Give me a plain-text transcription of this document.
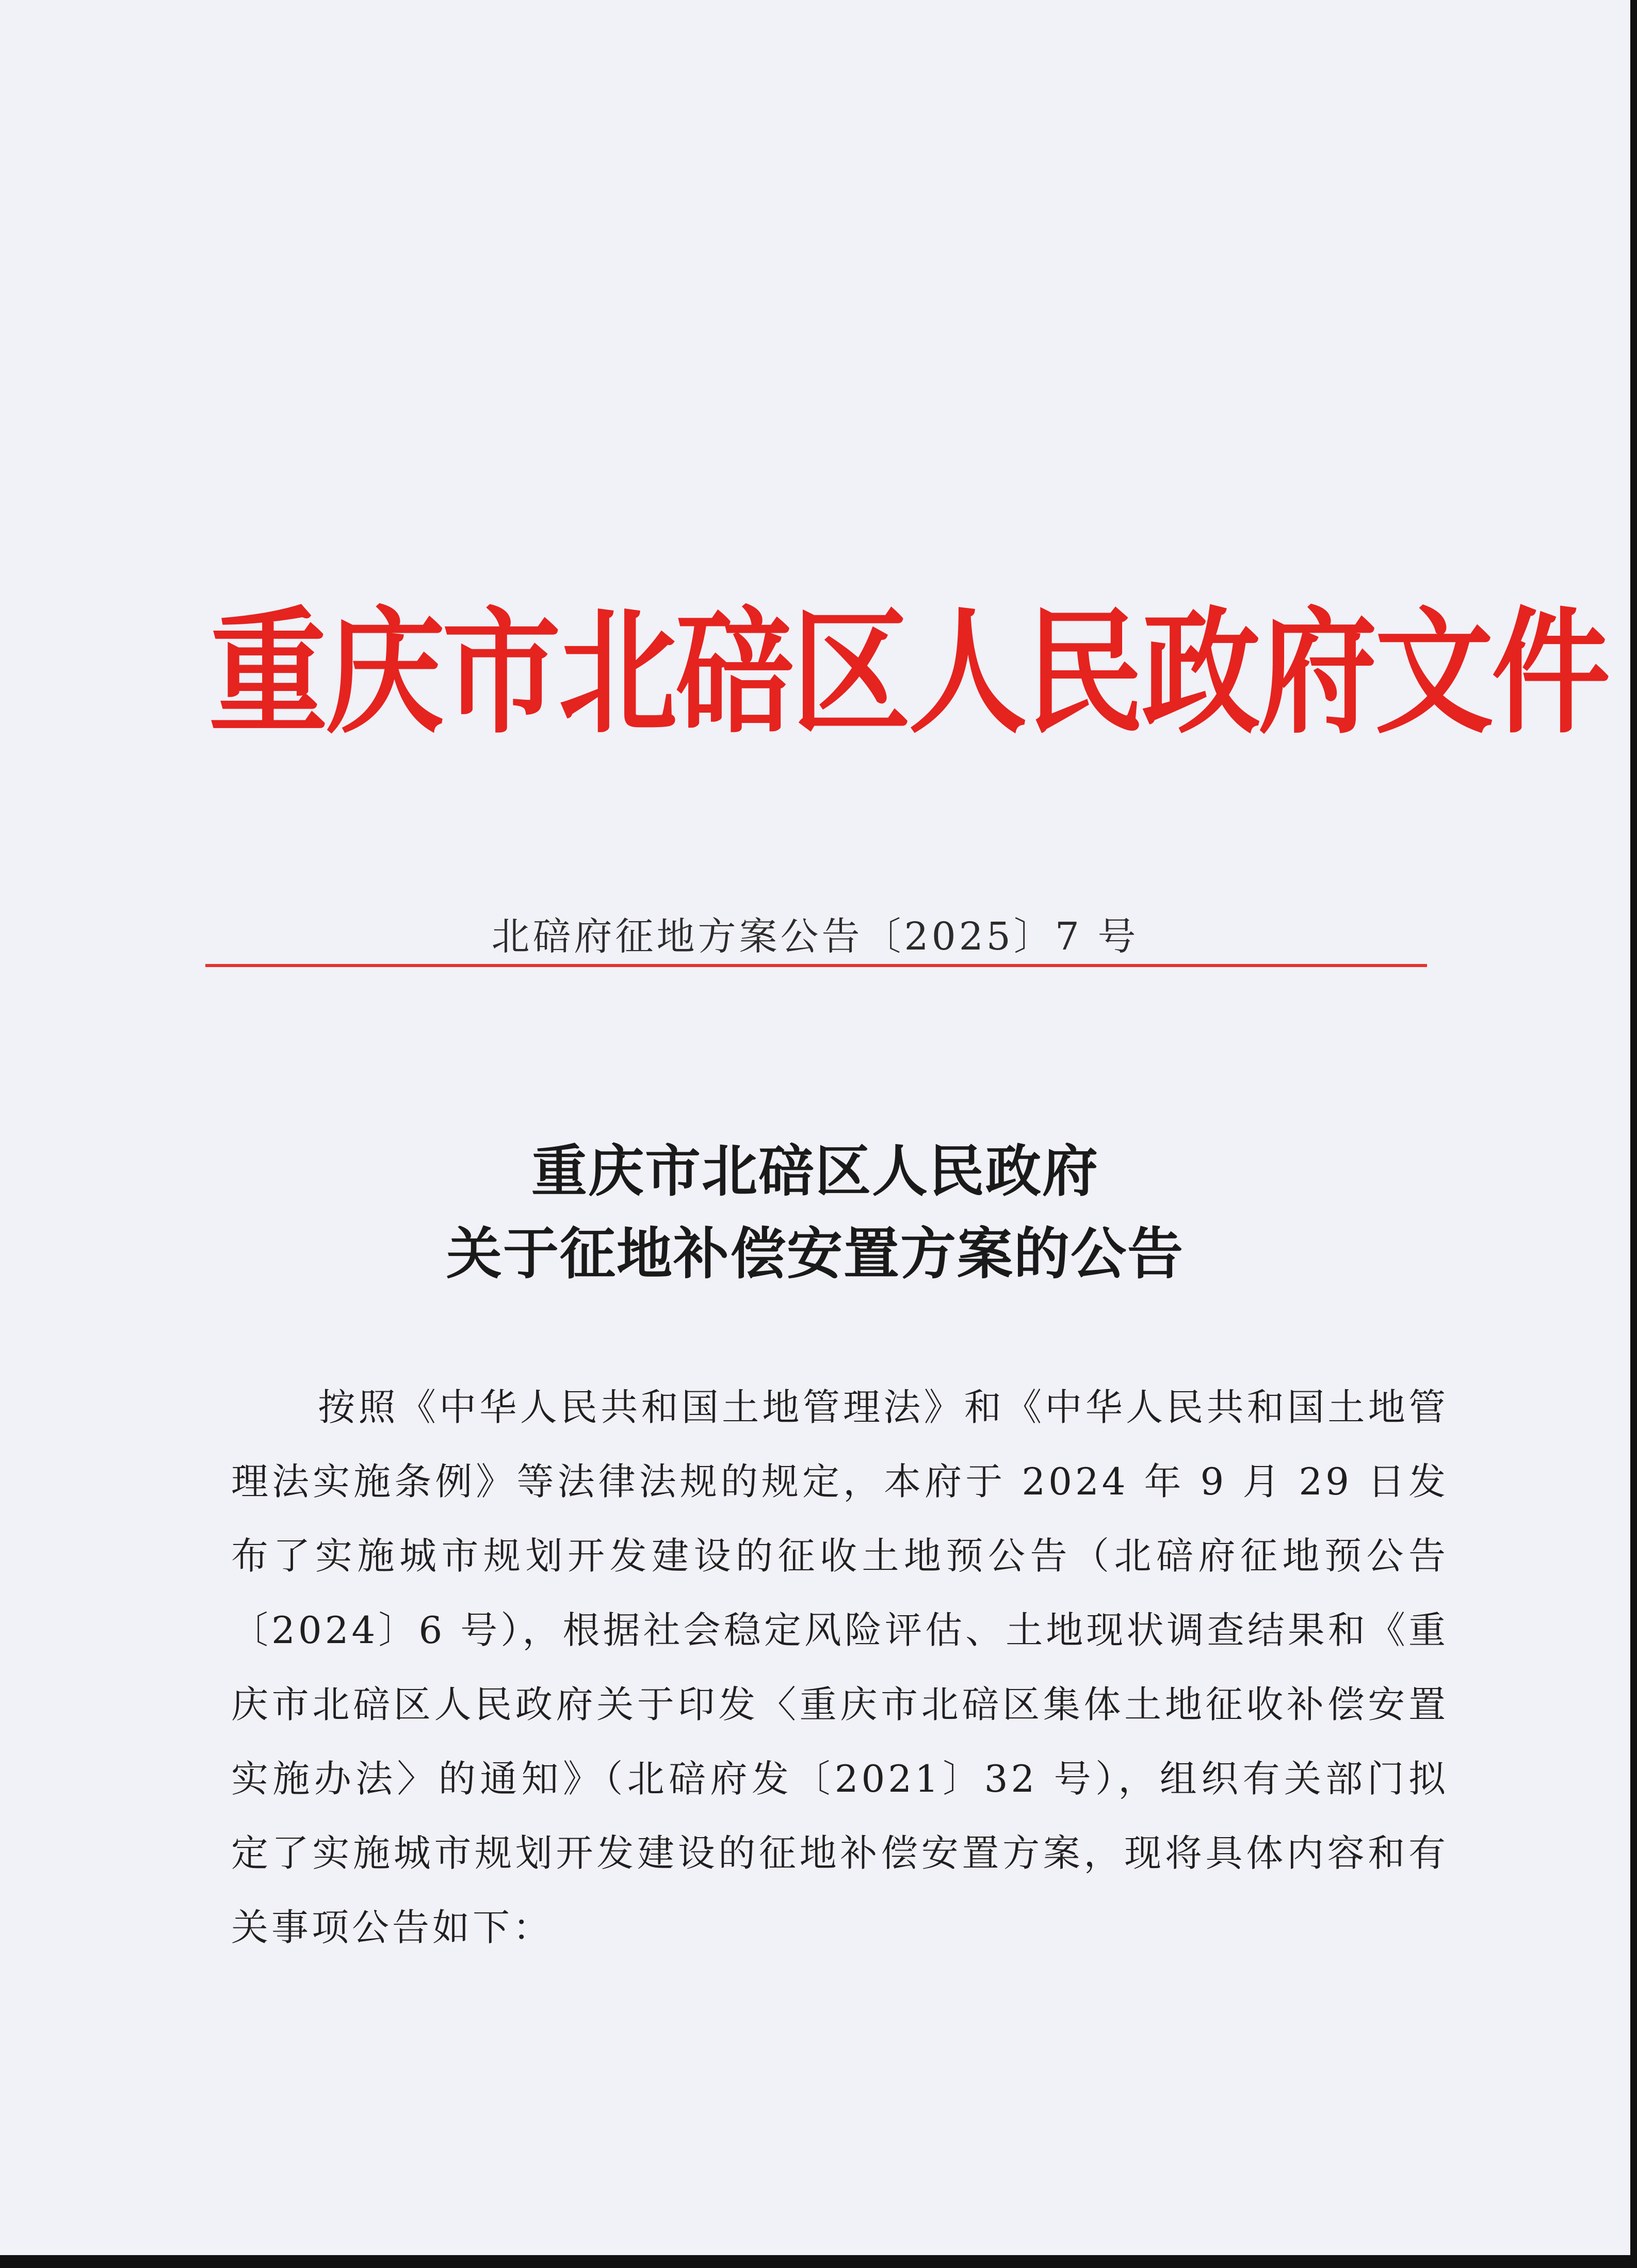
重庆市北碚区人民政府文件
北碚府征地方案公告〔2025〕7 号
重庆市北碚区人民政府
关于征地补偿安置方案的公告
按照《中华人民共和国土地管理法》和《中华人民共和国土地管理法实施条例》等法律法规的规定，本府于 2024 年 9 月 29 日发布了实施城市规划开发建设的征收土地预公告（北碚府征地预公告〔2024〕6 号），根据社会稳定风险评估、土地现状调查结果和《重庆市北碚区人民政府关于印发〈重庆市北碚区集体土地征收补偿安置实施办法〉的通知》（北碚府发〔2021〕32 号），组织有关部门拟定了实施城市规划开发建设的征地补偿安置方案，现将具体内容和有关事项公告如下：
